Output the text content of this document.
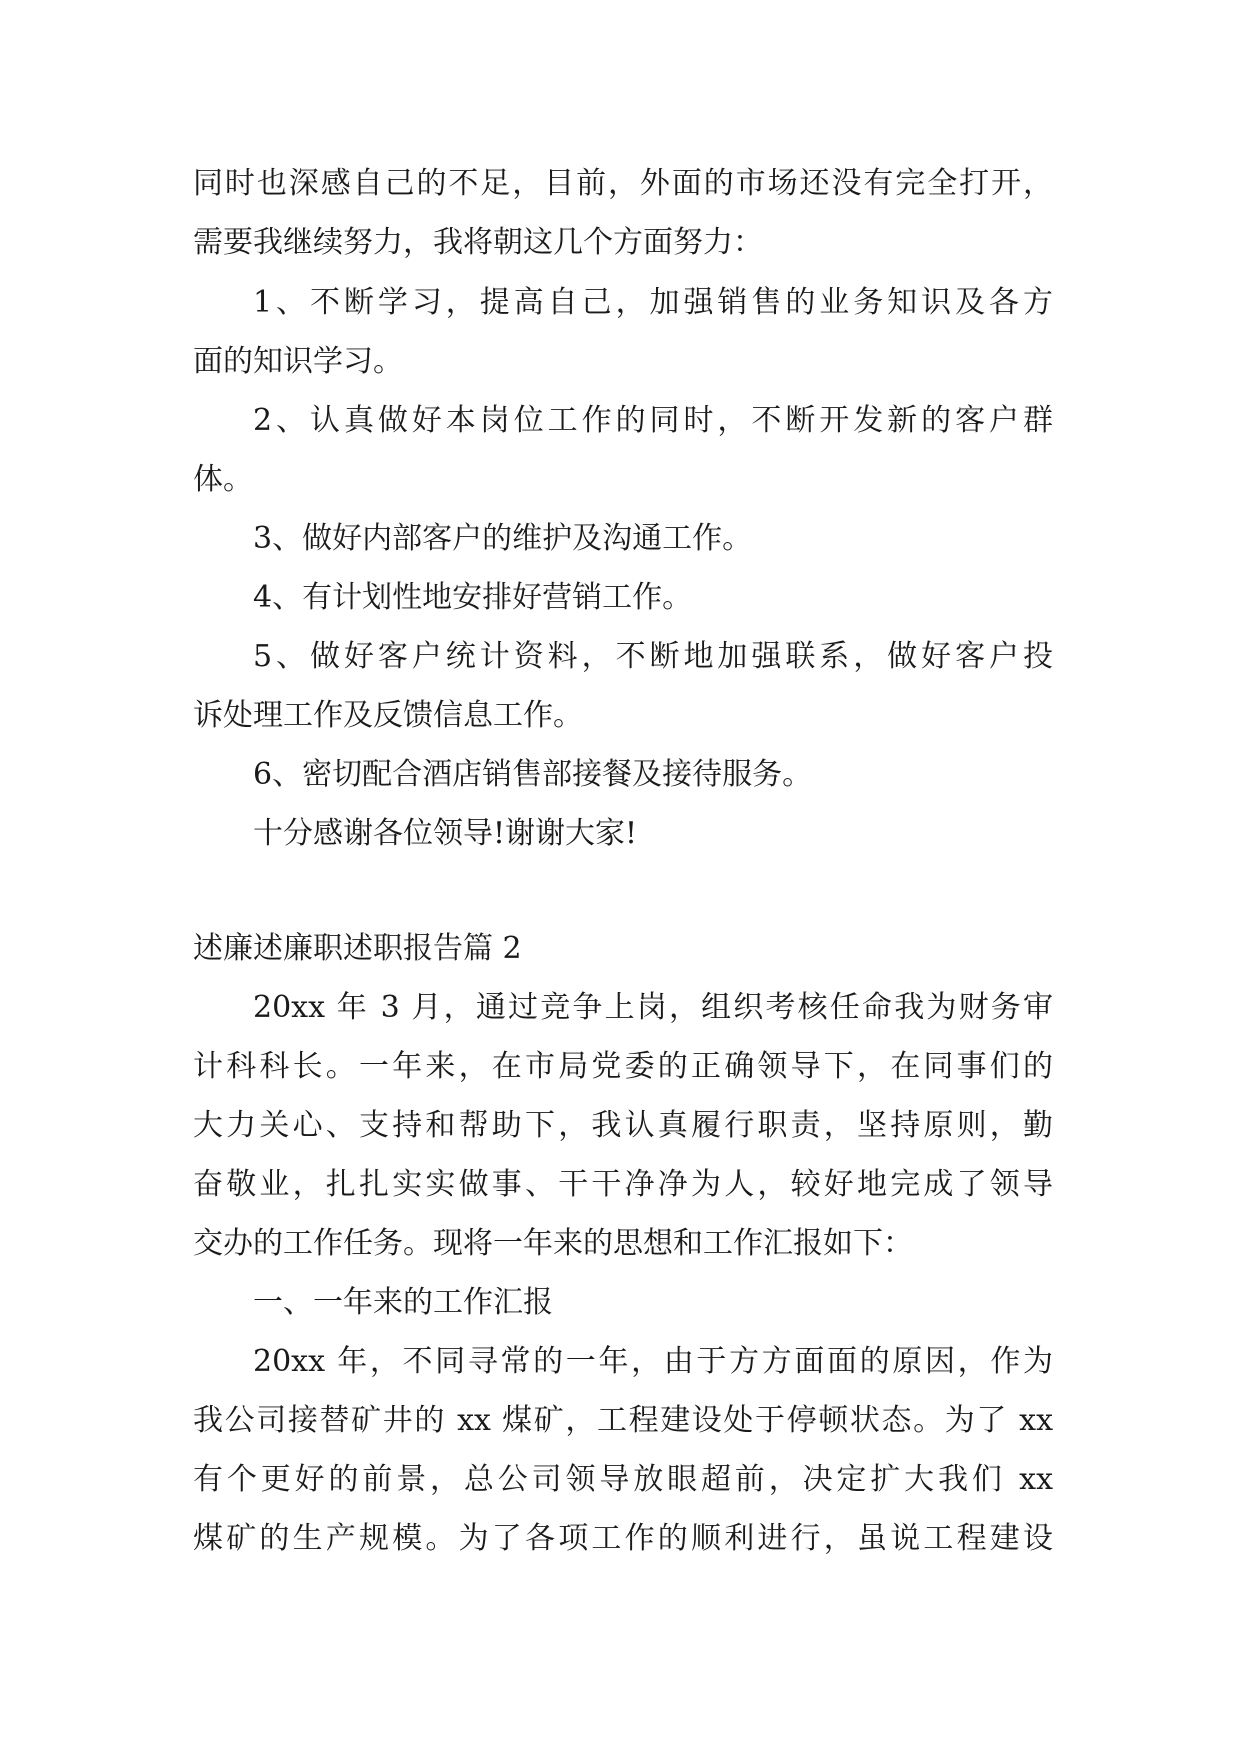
同时也深感自己的不足，目前，外面的市场还没有完全打开，
需要我继续努力，我将朝这几个方面努力：
1、不断学习，提高自己，加强销售的业务知识及各方
面的知识学习。
2、认真做好本岗位工作的同时，不断开发新的客户群
体。
3、做好内部客户的维护及沟通工作。
4、有计划性地安排好营销工作。
5、做好客户统计资料，不断地加强联系，做好客户投
诉处理工作及反馈信息工作。
6、密切配合酒店销售部接餐及接待服务。
十分感谢各位领导!谢谢大家!
述廉述廉职述职报告篇 2
20xx 年 3 月，通过竞争上岗，组织考核任命我为财务审
计科科长。一年来，在市局党委的正确领导下，在同事们的
大力关心、支持和帮助下，我认真履行职责，坚持原则，勤
奋敬业，扎扎实实做事、干干净净为人，较好地完成了领导
交办的工作任务。现将一年来的思想和工作汇报如下：
一、一年来的工作汇报
20xx 年，不同寻常的一年，由于方方面面的原因，作为
我公司接替矿井的 xx 煤矿，工程建设处于停顿状态。为了 xx
有个更好的前景，总公司领导放眼超前，决定扩大我们 xx
煤矿的生产规模。为了各项工作的顺利进行，虽说工程建设
